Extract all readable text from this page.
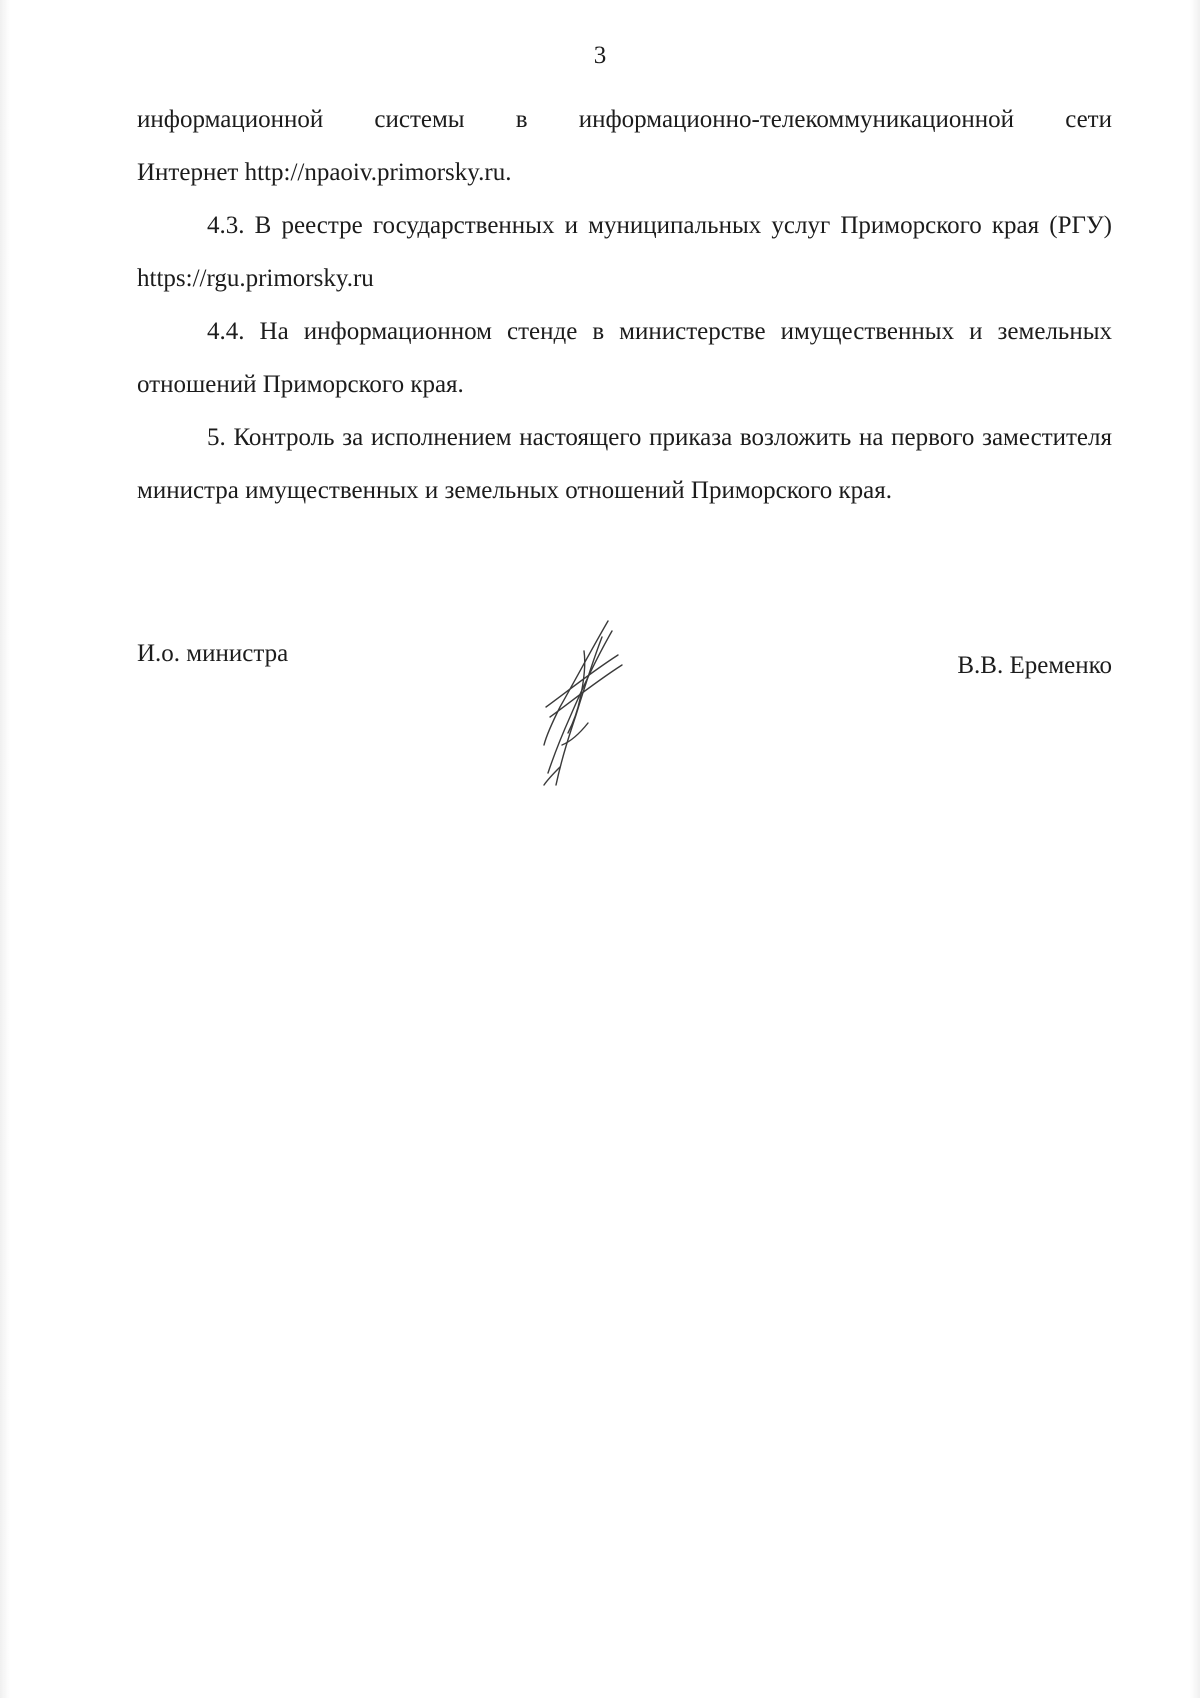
3

информационной системы в информационно-телекоммуникационной сети

Интернет http://npaoiv.primorsky.ru.

4.3. В реестре государственных и муниципальных услуг Приморского края (РГУ) https://rgu.primorsky.ru

4.4. На информационном стенде в министерстве имущественных и земельных отношений Приморского края.

5. Контроль за исполнением настоящего приказа возложить на первого заместителя министра имущественных и земельных отношений Приморского края.

И.о. министра	В.В. Еременко
